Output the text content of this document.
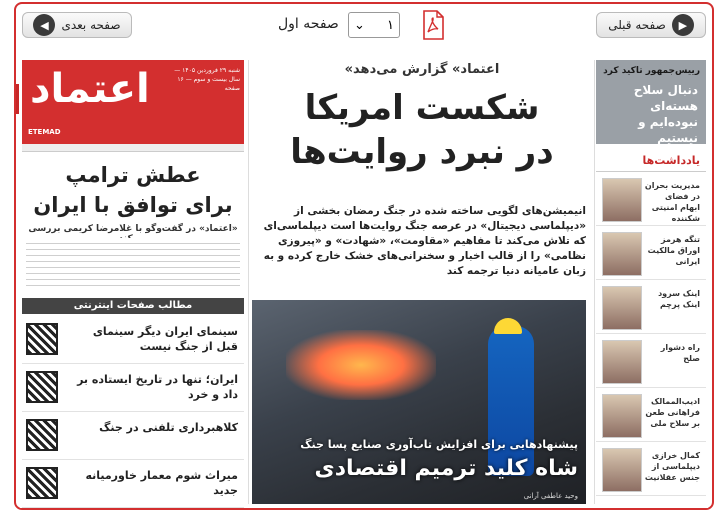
◀	صفحه بعدی	صفحه اول ⌄ ۱	صفحه قبلی	▶
رییس‌جمهور تاکید کرد
دنبال سلاح هسته‌ای نبوده‌ایم و نیستیم
یادداشت‌ها
مدیریت بحران در فضای ابهام امنیتی شکننده
تنگه هرمز اوراق مالکیت ایرانی
اینک سرود اینک پرچم
راه دشوار صلح
ادیب‌الممالک فراهانی طعن بر سلاح ملی
کمال خرازی دیپلماسی از جنس عقلانیت
«اعتماد» گزارش می‌دهد
شکست امریکا
در نبرد روایت‌ها
انیمیشن‌های لگویی ساخته شده در جنگ رمضان بخشی از «دیپلماسی دیجیتال» در عرصه جنگ روایت‌ها است دیپلماسی‌ای که تلاش می‌کند تا مفاهیم «مقاومت»، «شهادت» و «پیروزی نظامی» را از قالب اخبار و سخنرانی‌های خشک خارج کرده و به زبان عامیانه دنیا ترجمه کند
پیشنهادهایی برای افزایش تاب‌آوری صنایع پسا جنگ
شاه کلید ترمیم اقتصادی
وحید عاطفی آرانی
اعتماد	شنبه ۲۹ فروردین ۱۴۰۵ — سال بیست و سوم — ۱۶ صفحه
ETEMAD
عطش ترامپ
برای توافق با ایران
«اعتماد» در گفت‌وگو با غلامرضا کریمی بررسی
مطالب صفحات اینترنتی
سینمای ایران دیگر سینمای قبل از جنگ نیست
ایران؛ تنها در تاریخ ایستاده بر داد و خرد
کلاهبرداری تلفنی در جنگ
میراث شوم معمار خاورمیانه جدید
